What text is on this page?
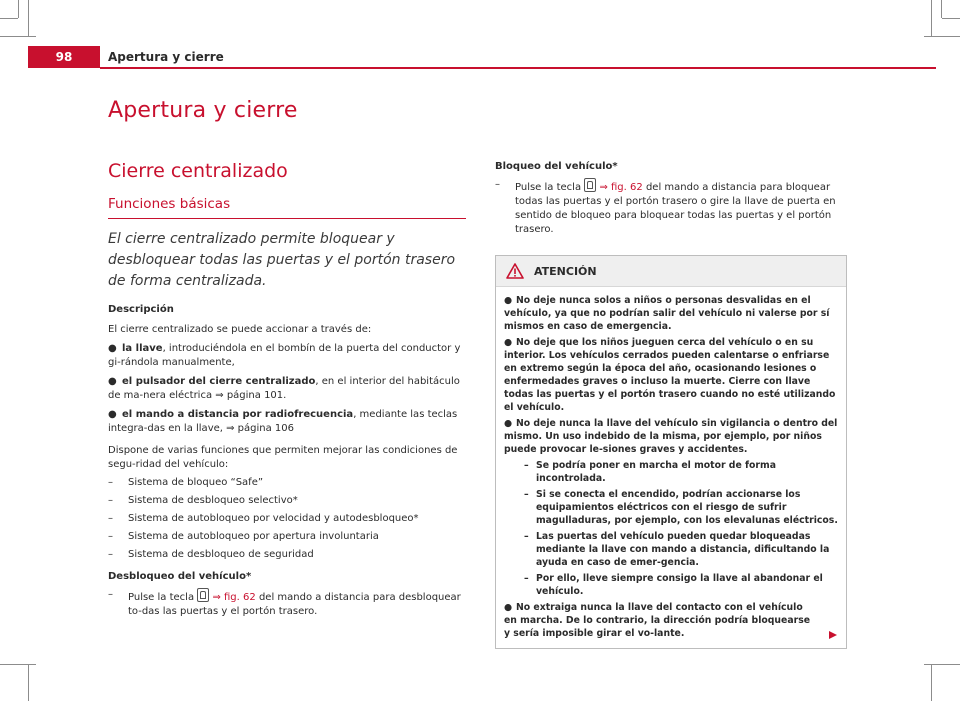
98	Apertura y cierre
Apertura y cierre
Cierre centralizado
Funciones básicas

El cierre centralizado permite bloquear y desbloquear todas las puertas y el portón trasero de forma centralizada.

Descripción

El cierre centralizado se puede accionar a través de:

● la llave, introduciéndola en el bombín de la puerta del conductor y gi-rándola manualmente,
● el pulsador del cierre centralizado, en el interior del habitáculo de ma-nera eléctrica ⇒ página 101.
● el mando a distancia por radiofrecuencia, mediante las teclas integra-das en la llave, ⇒ página 106

Dispone de varias funciones que permiten mejorar las condiciones de segu-ridad del vehículo:

– Sistema de bloqueo “Safe”
– Sistema de desbloqueo selectivo*
– Sistema de autobloqueo por velocidad y autodesbloqueo*
– Sistema de autobloqueo por apertura involuntaria
– Sistema de desbloqueo de seguridad
Desbloqueo del vehículo*
– Pulse la tecla ⇒ fig. 62 del mando a distancia para desbloquear to-das las puertas y el portón trasero.
Bloqueo del vehículo*
– Pulse la tecla ⇒ fig. 62 del mando a distancia para bloquear todas las puertas y el portón trasero o gire la llave de puerta en sentido de bloqueo para bloquear todas las puertas y el portón trasero.
ATENCIÓN
● No deje nunca solos a niños o personas desvalidas en el vehículo, ya que no podrían salir del vehículo ni valerse por sí mismos en caso de emergencia.
● No deje que los niños jueguen cerca del vehículo o en su interior. Los vehículos cerrados pueden calentarse o enfriarse en extremo según la época del año, ocasionando lesiones o enfermedades graves o incluso la muerte. Cierre con llave todas las puertas y el portón trasero cuando no esté utilizando el vehículo.
● No deje nunca la llave del vehículo sin vigilancia o dentro del mismo. Un uso indebido de la misma, por ejemplo, por niños puede provocar le-siones graves y accidentes.
– Se podría poner en marcha el motor de forma incontrolada.
– Si se conecta el encendido, podrían accionarse los equipamientos eléctricos con el riesgo de sufrir magulladuras, por ejemplo, con los elevalunas eléctricos.
– Las puertas del vehículo pueden quedar bloqueadas mediante la llave con mando a distancia, dificultando la ayuda en caso de emer-gencia.
– Por ello, lleve siempre consigo la llave al abandonar el vehículo.
● No extraiga nunca la llave del contacto con el vehículo en marcha. De lo contrario, la dirección podría bloquearse y sería imposible girar el vo-lante.
